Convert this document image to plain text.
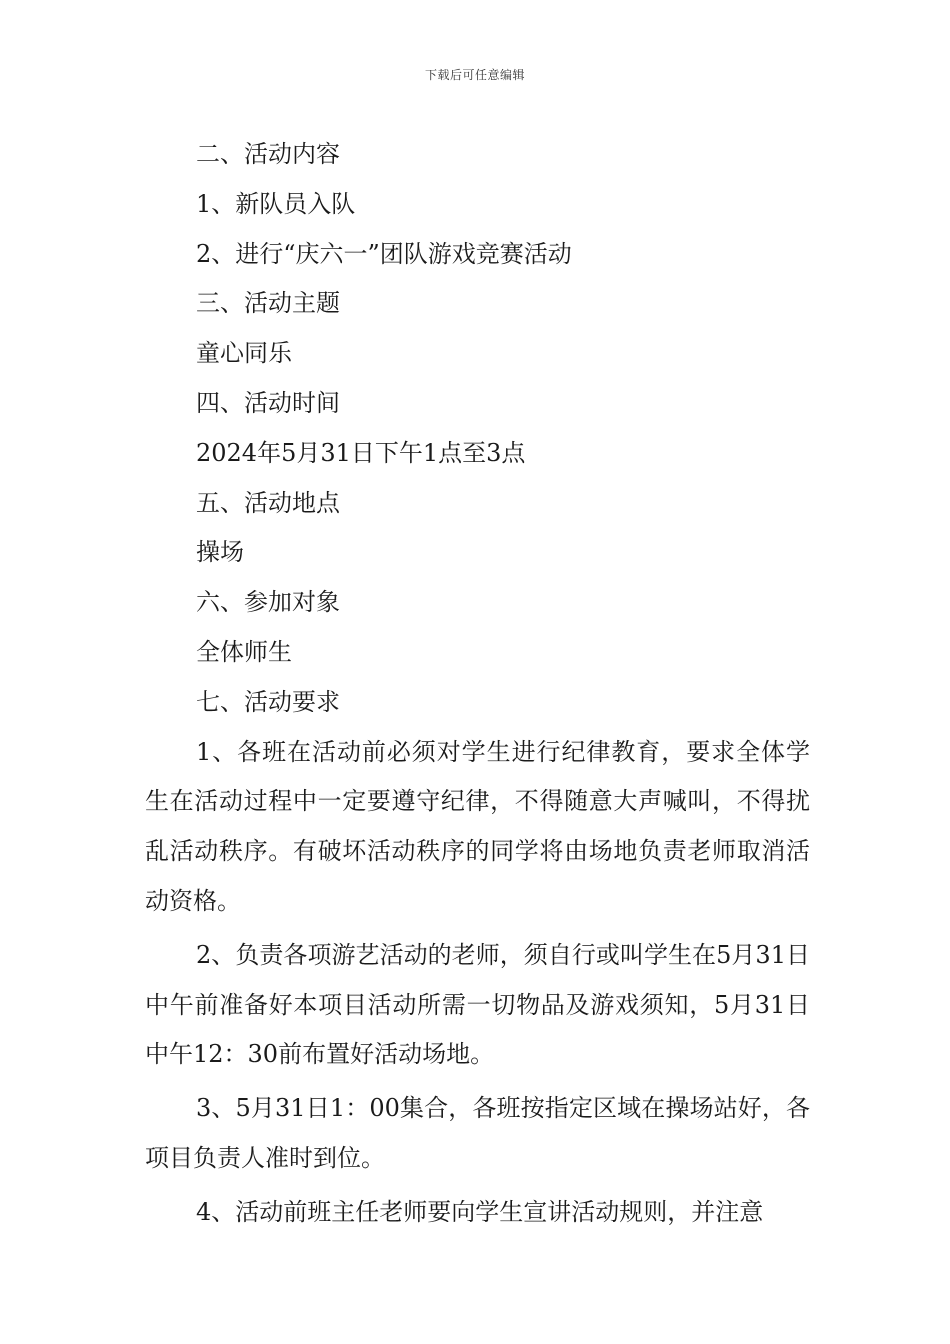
下载后可任意编辑

二、活动内容

1、新队员入队

2、进行“庆六一”团队游戏竞赛活动

三、活动主题

童心同乐

四、活动时间

2024年5月31日下午1点至3点

五、活动地点

操场

六、参加对象

全体师生

七、活动要求

1、各班在活动前必须对学生进行纪律教育，要求全体学生在活动过程中一定要遵守纪律，不得随意大声喊叫，不得扰乱活动秩序。有破坏活动秩序的同学将由场地负责老师取消活动资格。

2、负责各项游艺活动的老师，须自行或叫学生在5月31日中午前准备好本项目活动所需一切物品及游戏须知，5月31日中午12：30前布置好活动场地。

3、5月31日1：00集合，各班按指定区域在操场站好，各项目负责人准时到位。

4、活动前班主任老师要向学生宣讲活动规则，并注意
